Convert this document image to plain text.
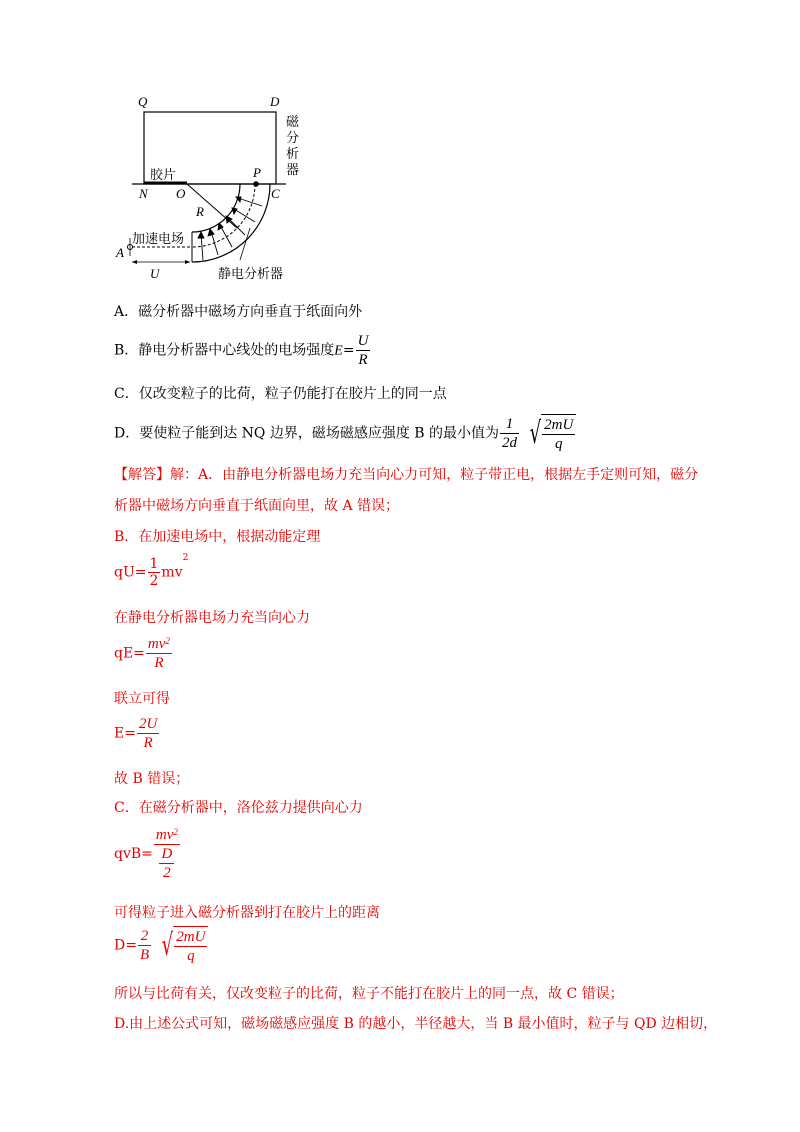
Q	D
N O
P
C
R
A
U
胶片
加速电场
静电分析器
磁
分
析
器
A．磁分析器中磁场方向垂直于纸面向外
B．静电分析器中心线处的电场强度$E= \frac{U}{R}$
C．仅改变粒子的比荷，粒子仍能打在胶片上的同一点
D．要使粒子能到达 NQ 边界，磁场磁感应强度 B 的最小值为 $\frac{1}{2d}$ √ $\frac{2mU}{q}$
【解答】解：A．由静电分析器电场力充当向心力可知，粒子带正电，根据左手定则可知，磁分
析器中磁场方向垂直于纸面向里，故 A 错误；
B．在加速电场中，根据动能定理
$qU= \frac{1}{2} mv^2$
在静电分析器电场力充当向心力
$qE= \frac{mv^2}{R}$
联立可得
$E= \frac{2U}{R}$
故 B 错误；
C．在磁分析器中，洛伦兹力提供向心力
$qvB= \frac{mv^2}{\frac{D}{2}}$
可得粒子进入磁分析器到打在胶片上的距离
$D= \frac{2}{B}$ √ $\frac{2mU}{q}$
所以与比荷有关，仅改变粒子的比荷，粒子不能打在胶片上的同一点，故 C 错误；
D.由上述公式可知，磁场磁感应强度 B 的越小，半径越大，当 B 最小值时，粒子与 QD 边相切，
